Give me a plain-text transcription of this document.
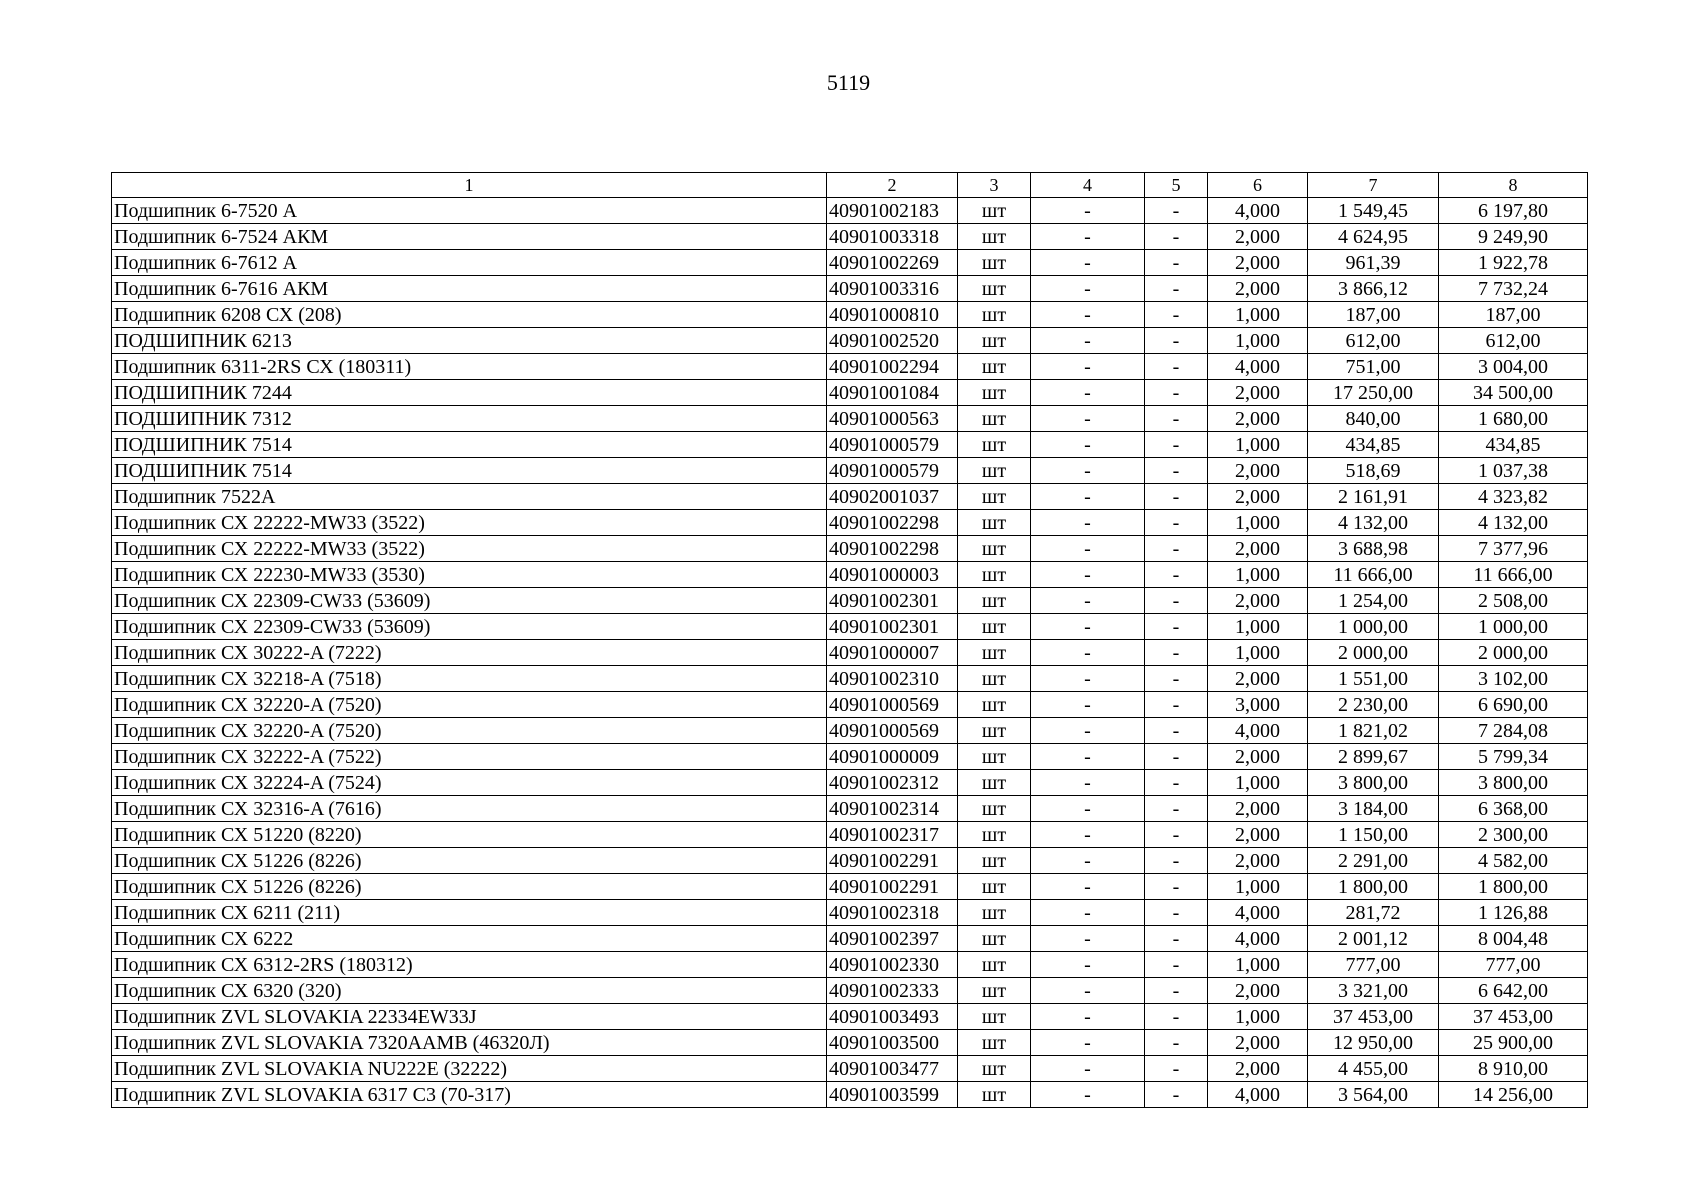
5119
1	2	3	4	5	6	7	8
Подшипник 6-7520 А	40901002183	шт	-	-	4,000	1 549,45	6 197,80
Подшипник 6-7524 АКМ	40901003318	шт	-	-	2,000	4 624,95	9 249,90
Подшипник 6-7612 А	40901002269	шт	-	-	2,000	961,39	1 922,78
Подшипник 6-7616 АКМ	40901003316	шт	-	-	2,000	3 866,12	7 732,24
Подшипник 6208 СХ (208)	40901000810	шт	-	-	1,000	187,00	187,00
ПОДШИПНИК 6213	40901002520	шт	-	-	1,000	612,00	612,00
Подшипник 6311-2RS СХ (180311)	40901002294	шт	-	-	4,000	751,00	3 004,00
ПОДШИПНИК 7244	40901001084	шт	-	-	2,000	17 250,00	34 500,00
ПОДШИПНИК 7312	40901000563	шт	-	-	2,000	840,00	1 680,00
ПОДШИПНИК 7514	40901000579	шт	-	-	1,000	434,85	434,85
ПОДШИПНИК 7514	40901000579	шт	-	-	2,000	518,69	1 037,38
Подшипник 7522А	40902001037	шт	-	-	2,000	2 161,91	4 323,82
Подшипник СХ 22222-MW33 (3522)	40901002298	шт	-	-	1,000	4 132,00	4 132,00
Подшипник СХ 22222-MW33 (3522)	40901002298	шт	-	-	2,000	3 688,98	7 377,96
Подшипник СХ 22230-MW33 (3530)	40901000003	шт	-	-	1,000	11 666,00	11 666,00
Подшипник СХ 22309-CW33 (53609)	40901002301	шт	-	-	2,000	1 254,00	2 508,00
Подшипник СХ 22309-CW33 (53609)	40901002301	шт	-	-	1,000	1 000,00	1 000,00
Подшипник СХ 30222-A (7222)	40901000007	шт	-	-	1,000	2 000,00	2 000,00
Подшипник СХ 32218-A (7518)	40901002310	шт	-	-	2,000	1 551,00	3 102,00
Подшипник СХ 32220-A (7520)	40901000569	шт	-	-	3,000	2 230,00	6 690,00
Подшипник СХ 32220-A (7520)	40901000569	шт	-	-	4,000	1 821,02	7 284,08
Подшипник СХ 32222-A (7522)	40901000009	шт	-	-	2,000	2 899,67	5 799,34
Подшипник СХ 32224-A (7524)	40901002312	шт	-	-	1,000	3 800,00	3 800,00
Подшипник СХ 32316-A (7616)	40901002314	шт	-	-	2,000	3 184,00	6 368,00
Подшипник СХ 51220 (8220)	40901002317	шт	-	-	2,000	1 150,00	2 300,00
Подшипник СХ 51226 (8226)	40901002291	шт	-	-	2,000	2 291,00	4 582,00
Подшипник СХ 51226 (8226)	40901002291	шт	-	-	1,000	1 800,00	1 800,00
Подшипник СХ 6211 (211)	40901002318	шт	-	-	4,000	281,72	1 126,88
Подшипник СХ 6222	40901002397	шт	-	-	4,000	2 001,12	8 004,48
Подшипник СХ 6312-2RS (180312)	40901002330	шт	-	-	1,000	777,00	777,00
Подшипник СХ 6320 (320)	40901002333	шт	-	-	2,000	3 321,00	6 642,00
Подшипник ZVL SLOVAKIA 22334EW33J	40901003493	шт	-	-	1,000	37 453,00	37 453,00
Подшипник ZVL SLOVAKIA 7320AAMB (46320Л)	40901003500	шт	-	-	2,000	12 950,00	25 900,00
Подшипник ZVL SLOVAKIA NU222E (32222)	40901003477	шт	-	-	2,000	4 455,00	8 910,00
Подшипник ZVL SLOVAKIA 6317 C3 (70-317)	40901003599	шт	-	-	4,000	3 564,00	14 256,00
